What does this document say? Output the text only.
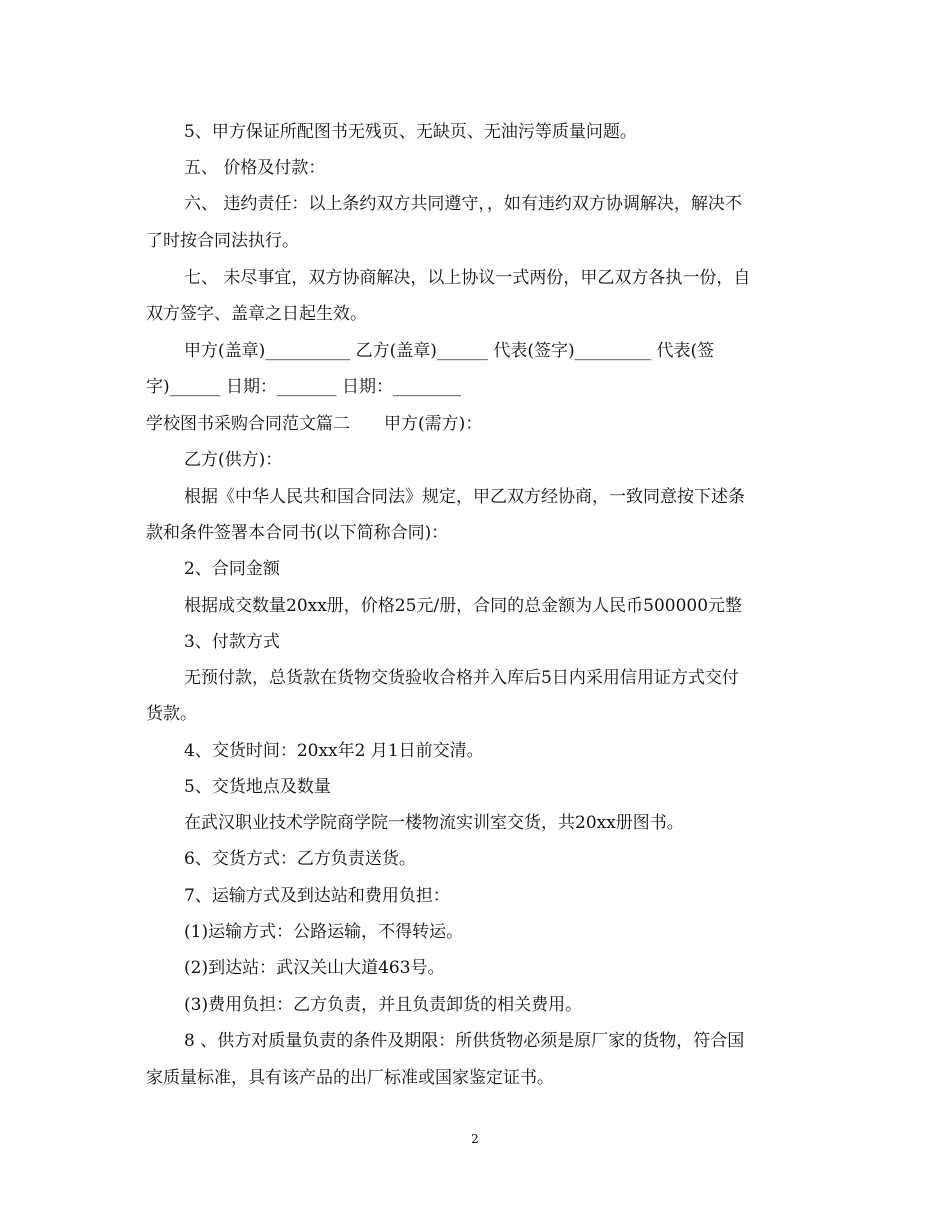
5、甲方保证所配图书无残页、无缺页、无油污等质量问题。
五、 价格及付款：
六、 违约责任：以上条约双方共同遵守，，如有违约双方协调解决，解决不
了时按合同法执行。
七、 未尽事宜，双方协商解决，以上协议一式两份，甲乙双方各执一份，自
双方签字、盖章之日起生效。
甲方(盖章)__________ 乙方(盖章)______ 代表(签字)_________ 代表(签
字)______ 日期：_______ 日期：________
学校图书采购合同范文篇二　　甲方(需方)：
乙方(供方)：
根据《中华人民共和国合同法》规定，甲乙双方经协商，一致同意按下述条
款和条件签署本合同书(以下简称合同)：
2、合同金额
根据成交数量20xx册，价格25元/册，合同的总金额为人民币500000元整
3、付款方式
无预付款，总货款在货物交货验收合格并入库后5日内采用信用证方式交付
货款。
4、交货时间：20xx年2 月1日前交清。
5、交货地点及数量
在武汉职业技术学院商学院一楼物流实训室交货，共20xx册图书。
6、交货方式：乙方负责送货。
7、运输方式及到达站和费用负担：
(1)运输方式：公路运输，不得转运。
(2)到达站：武汉关山大道463号。
(3)费用负担：乙方负责，并且负责卸货的相关费用。
8 、供方对质量负责的条件及期限：所供货物必须是原厂家的货物，符合国
家质量标准，具有该产品的出厂标准或国家鉴定证书。
2
